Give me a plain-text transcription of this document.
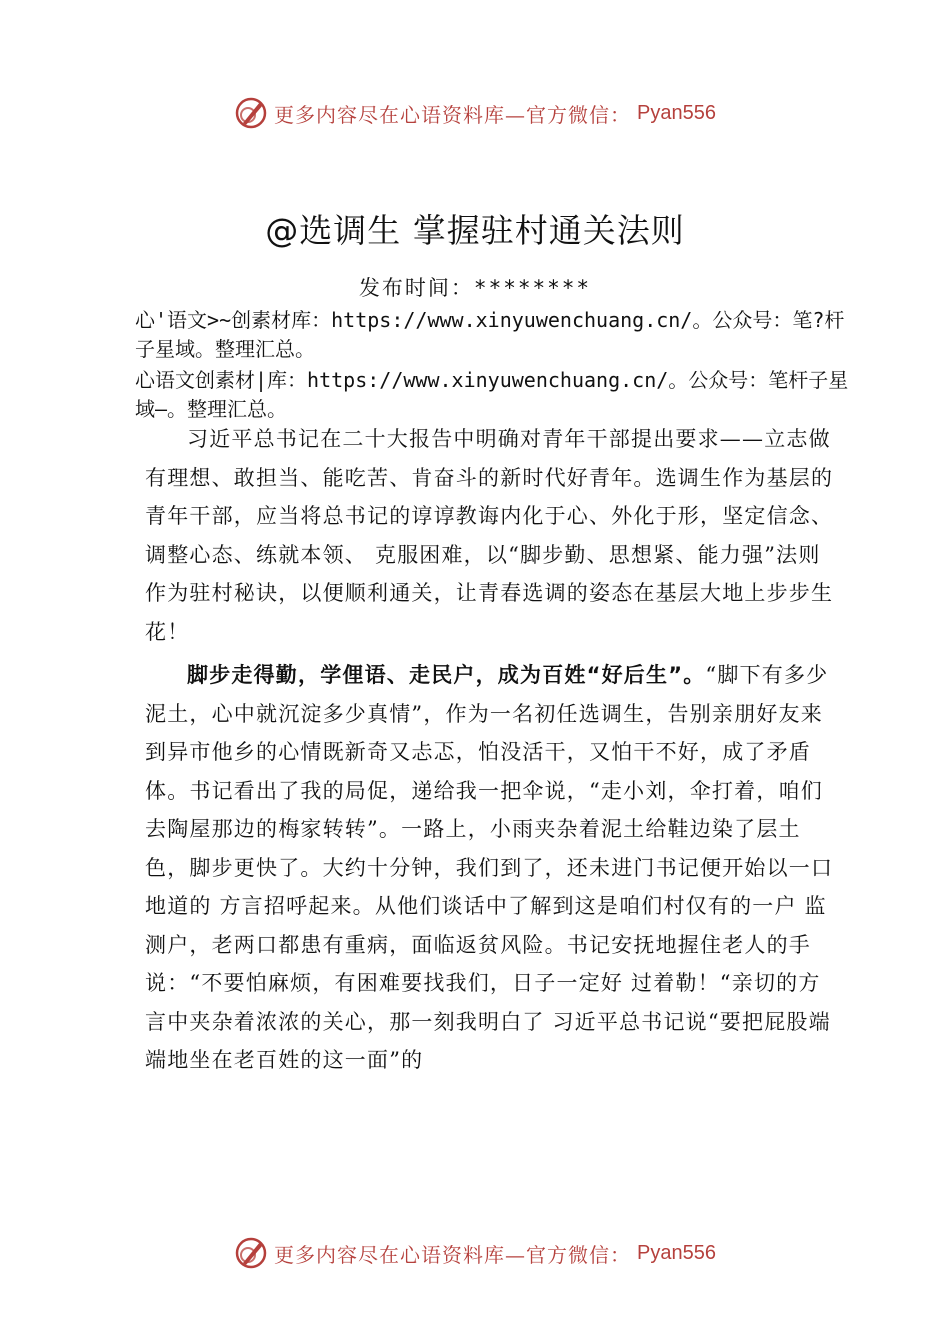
更多内容尽在心语资料库—官方微信： Pyan556
@选调生 掌握驻村通关法则
发布时间：********
心'语文>~创素材库：https://www.xinyuwenchuang.cn/。公众号：笔?杆子星域。整理汇总。
心语文创素材|库：https://www.xinyuwenchuang.cn/。公众号：笔杆子星域—。整理汇总。

习近平总书记在二十大报告中明确对青年干部提出要求——立志做有理想、敢担当、能吃苦、肯奋斗的新时代好青年。选调生作为基层的青年干部，应当将总书记的谆谆教诲内化于心、外化于形，坚定信念、调整心态、练就本领、 克服困难，以“脚步勤、思想紧、能力强”法则作为驻村秘诀，以便顺利通关，让青春选调的姿态在基层大地上步步生花！

脚步走得勤，学俚语、走民户，成为百姓“好后生”。“脚下有多少泥土，心中就沉淀多少真情”，作为一名初任选调生，告别亲朋好友来到异市他乡的心情既新奇又忐忑，怕没活干，又怕干不好，成了矛盾体。书记看出了我的局促，递给我一把伞说，“走小刘，伞打着，咱们去陶屋那边的梅家转转”。一路上，小雨夹杂着泥土给鞋边染了层土色，脚步更快了。大约十分钟，我们到了，还未进门书记便开始以一口地道的 方言招呼起来。从他们谈话中了解到这是咱们村仅有的一户 监测户，老两口都患有重病，面临返贫风险。书记安抚地握住老人的手说：“不要怕麻烦，有困难要找我们，日子一定好 过着勒！“亲切的方言中夹杂着浓浓的关心，那一刻我明白了 习近平总书记说“要把屁股端端地坐在老百姓的这一面”的

更多内容尽在心语资料库—官方微信： Pyan556
